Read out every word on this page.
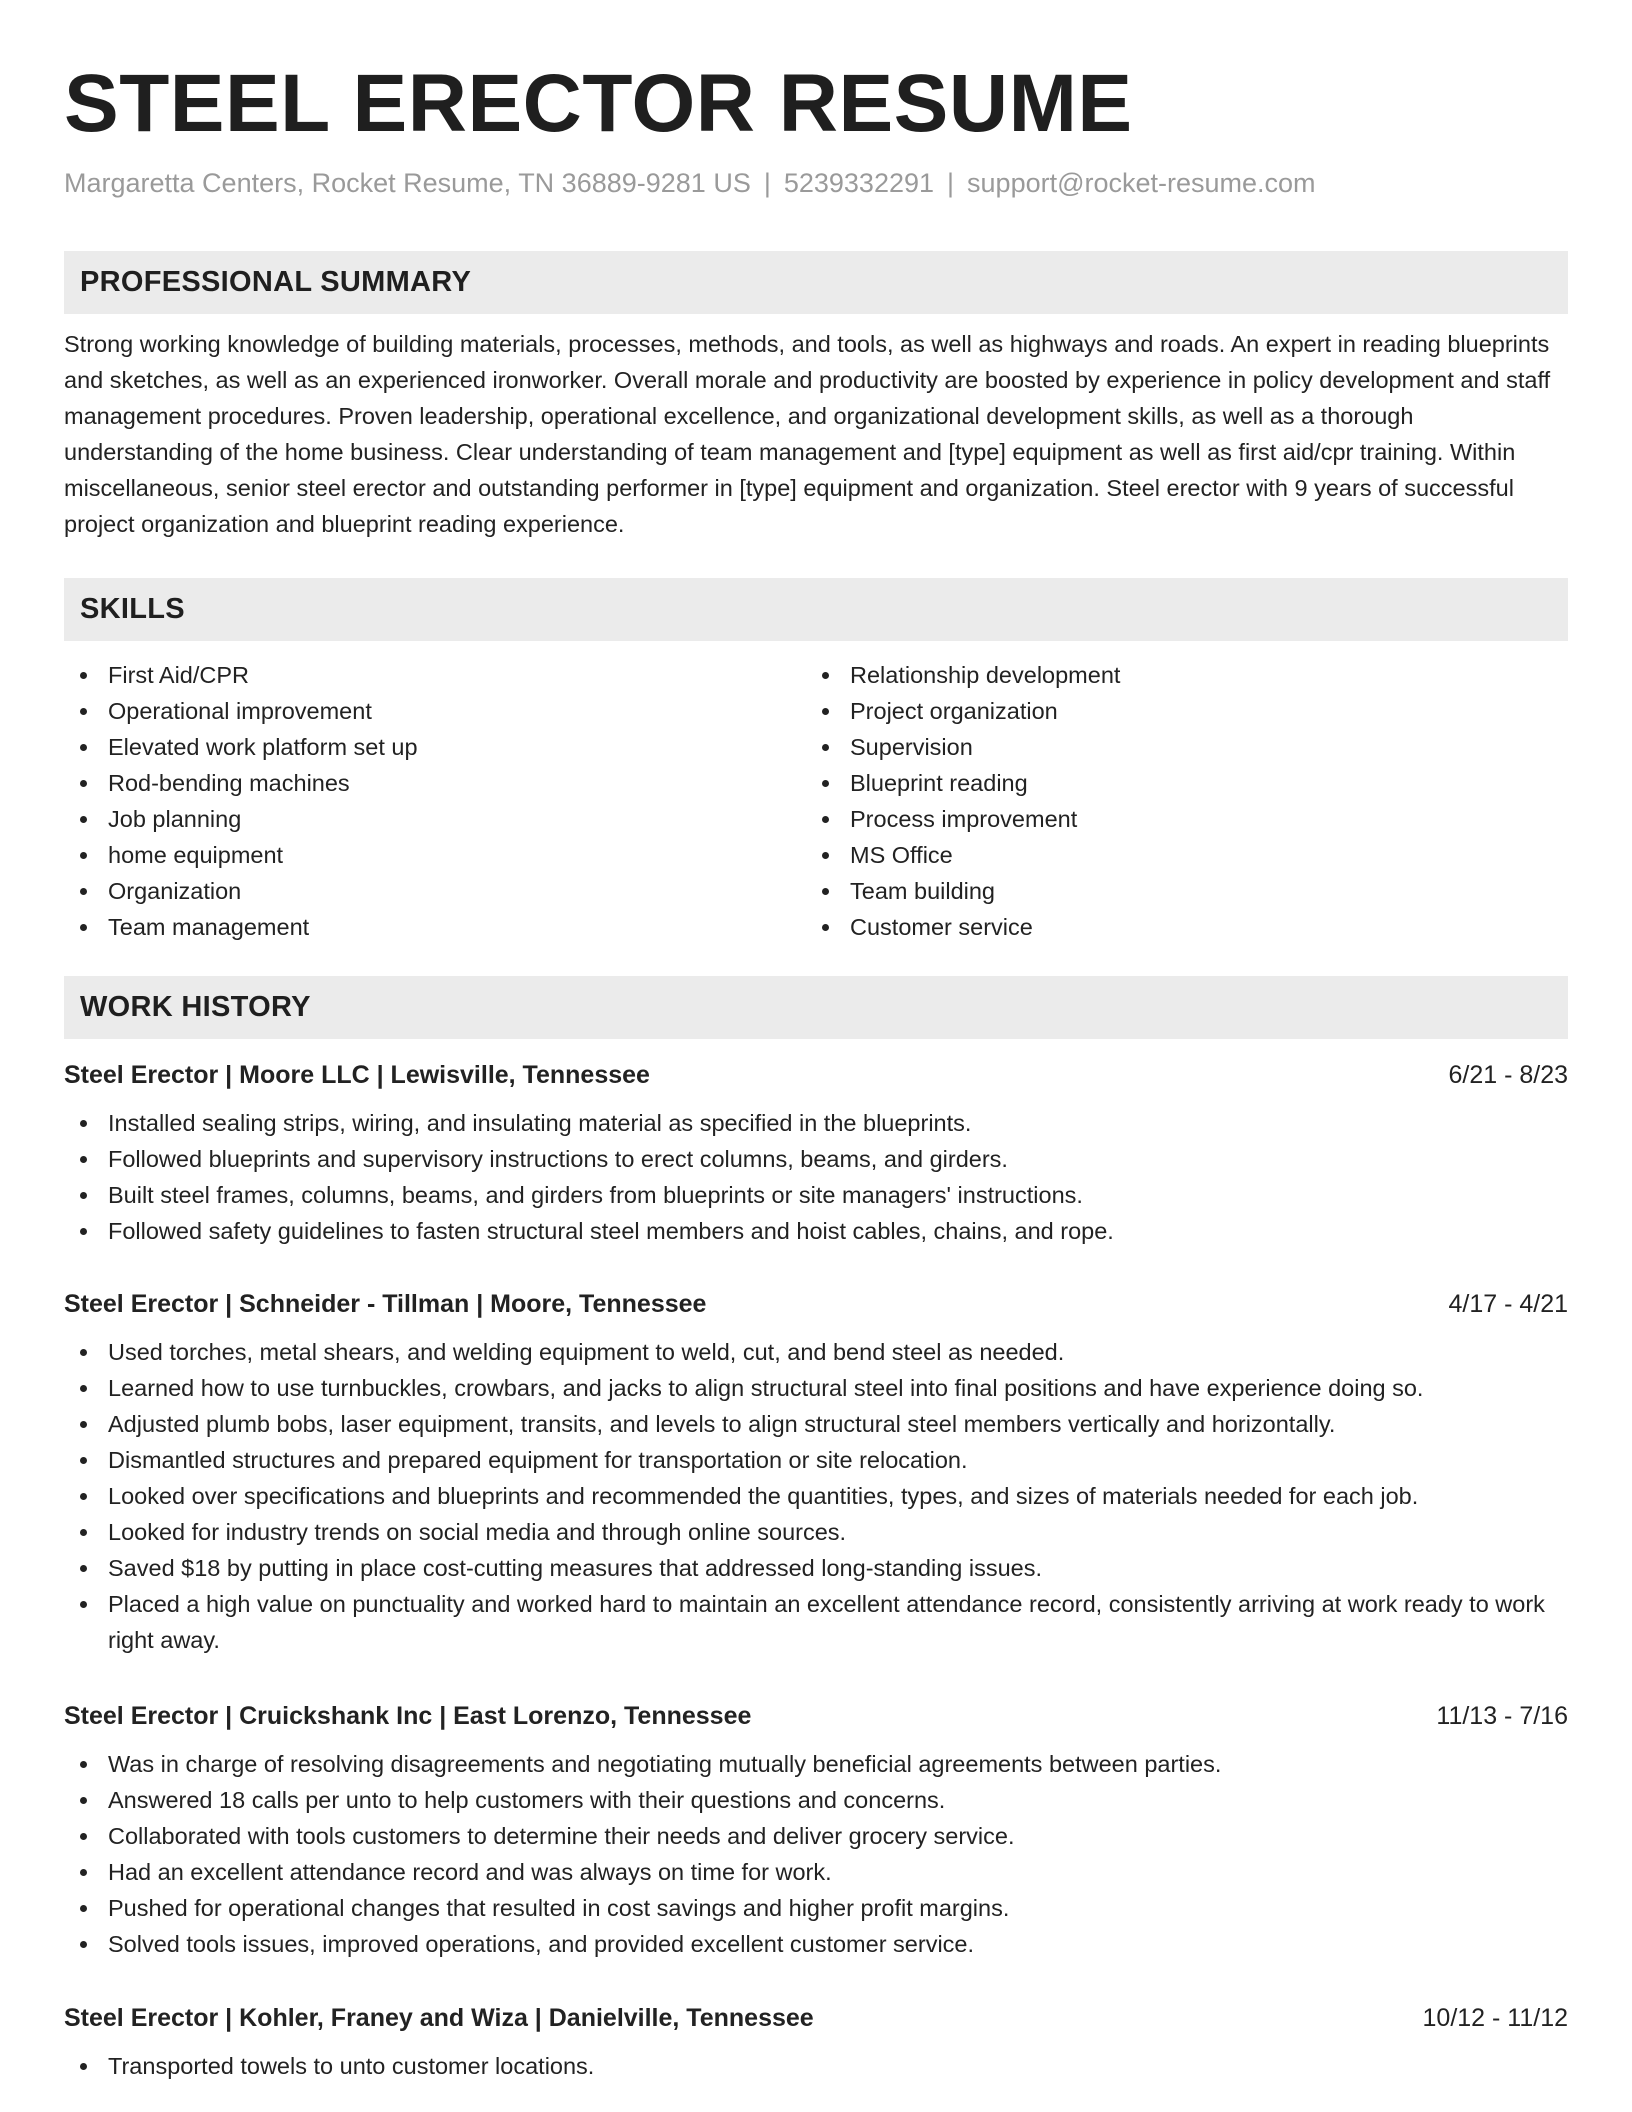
STEEL ERECTOR RESUME
Margaretta Centers, Rocket Resume, TN 36889-9281 US | 5239332291 | support@rocket-resume.com
PROFESSIONAL SUMMARY

Strong working knowledge of building materials, processes, methods, and tools, as well as highways and roads. An expert in reading blueprints and sketches, as well as an experienced ironworker. Overall morale and productivity are boosted by experience in policy development and staff management procedures. Proven leadership, operational excellence, and organizational development skills, as well as a thorough understanding of the home business. Clear understanding of team management and [type] equipment as well as first aid/cpr training. Within miscellaneous, senior steel erector and outstanding performer in [type] equipment and organization. Steel erector with 9 years of successful project organization and blueprint reading experience.

SKILLS
First Aid/CPR
Operational improvement
Elevated work platform set up
Rod-bending machines
Job planning
home equipment
Organization
Team management
Relationship development
Project organization
Supervision
Blueprint reading
Process improvement
MS Office
Team building
Customer service
WORK HISTORY
Steel Erector | Moore LLC | Lewisville, Tennessee	6/21 - 8/23
Installed sealing strips, wiring, and insulating material as specified in the blueprints.
Followed blueprints and supervisory instructions to erect columns, beams, and girders.
Built steel frames, columns, beams, and girders from blueprints or site managers' instructions.
Followed safety guidelines to fasten structural steel members and hoist cables, chains, and rope.
Steel Erector | Schneider - Tillman | Moore, Tennessee	4/17 - 4/21
Used torches, metal shears, and welding equipment to weld, cut, and bend steel as needed.
Learned how to use turnbuckles, crowbars, and jacks to align structural steel into final positions and have experience doing so.
Adjusted plumb bobs, laser equipment, transits, and levels to align structural steel members vertically and horizontally.
Dismantled structures and prepared equipment for transportation or site relocation.
Looked over specifications and blueprints and recommended the quantities, types, and sizes of materials needed for each job.
Looked for industry trends on social media and through online sources.
Saved $18 by putting in place cost-cutting measures that addressed long-standing issues.
Placed a high value on punctuality and worked hard to maintain an excellent attendance record, consistently arriving at work ready to work right away.
Steel Erector | Cruickshank Inc | East Lorenzo, Tennessee	11/13 - 7/16
Was in charge of resolving disagreements and negotiating mutually beneficial agreements between parties.
Answered 18 calls per unto to help customers with their questions and concerns.
Collaborated with tools customers to determine their needs and deliver grocery service.
Had an excellent attendance record and was always on time for work.
Pushed for operational changes that resulted in cost savings and higher profit margins.
Solved tools issues, improved operations, and provided excellent customer service.
Steel Erector | Kohler, Franey and Wiza | Danielville, Tennessee	10/12 - 11/12
Transported towels to unto customer locations.
